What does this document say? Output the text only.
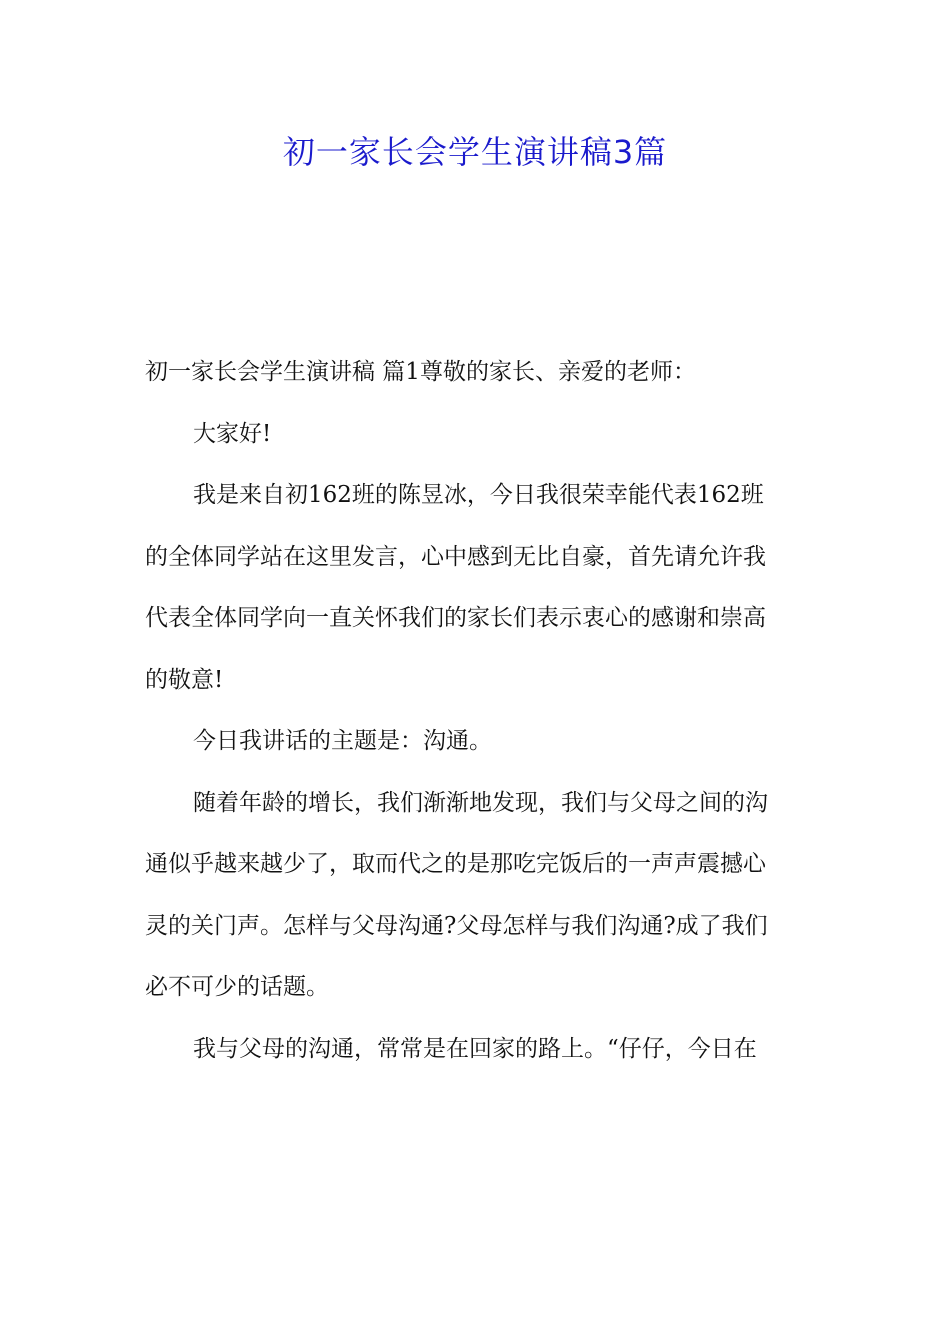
初一家长会学生演讲稿3篇
初一家长会学生演讲稿 篇1尊敬的家长、亲爱的老师：
大家好!
我是来自初162班的陈昱冰，今日我很荣幸能代表162班
的全体同学站在这里发言，心中感到无比自豪，首先请允许我
代表全体同学向一直关怀我们的家长们表示衷心的感谢和崇高
的敬意!
今日我讲话的主题是：沟通。
随着年龄的增长，我们渐渐地发现，我们与父母之间的沟
通似乎越来越少了，取而代之的是那吃完饭后的一声声震撼心
灵的关门声。怎样与父母沟通?父母怎样与我们沟通?成了我们
必不可少的话题。
我与父母的沟通，常常是在回家的路上。“仔仔，今日在
